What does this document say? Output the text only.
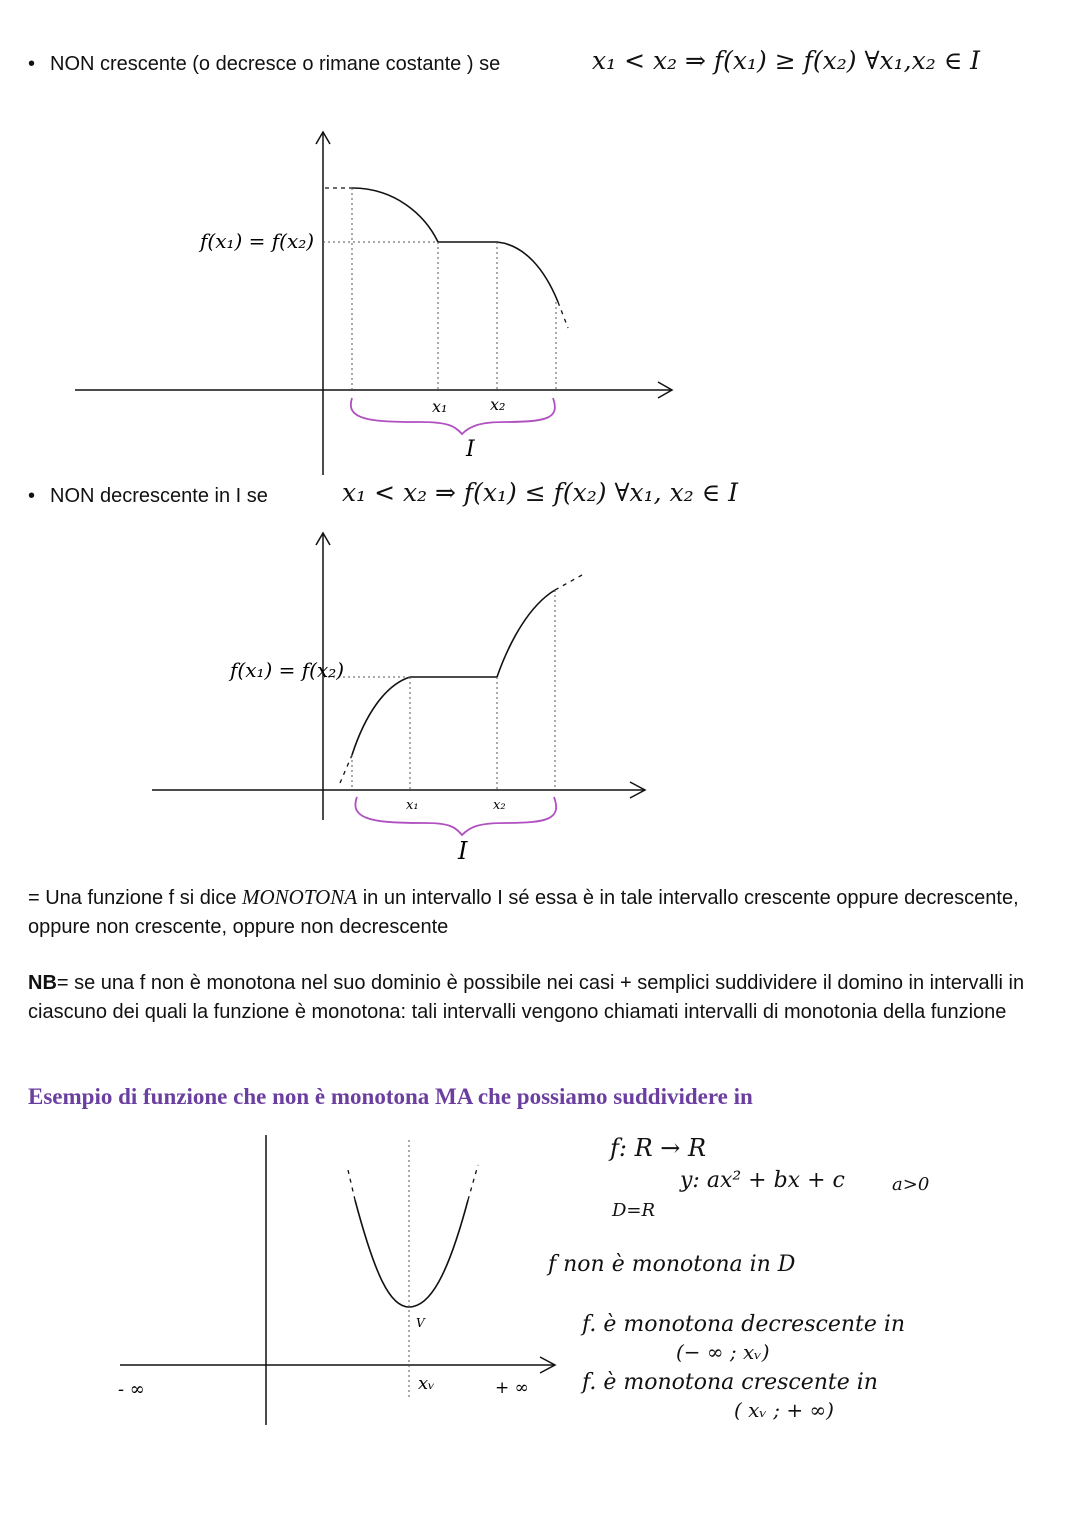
• NON crescente (o decresce o rimane costante ) se	x₁ < x₂ ⇒ f(x₁) ≥ f(x₂) ∀x₁,x₂ ∈ I
f(x₁) = f(x₂)
x₁	x₂
I
• NON decrescente in I se	x₁ < x₂ ⇒ f(x₁) ≤ f(x₂) ∀x₁, x₂ ∈ I
f(x₁) = f(x₂)
x₁	x₂
I
= Una funzione f si dice MONOTONA in un intervallo I sé essa è in tale intervallo crescente oppure decrescente, oppure non crescente, oppure non decrescente
NB= se una f non è monotona nel suo dominio è possibile nei casi + semplici suddividere il domino in intervalli in ciascuno dei quali la funzione è monotona: tali intervalli vengono chiamati intervalli di monotonia della funzione
Esempio di funzione che non è monotona MA che possiamo suddividere in
- ∞	+ ∞
V
xᵥ
f: R → R
y: ax² + bx + c	a>0
D=R
f non è monotona in D
f. è monotona decrescente in
(− ∞ ; xᵥ)
f. è monotona crescente in
( xᵥ ; + ∞)
